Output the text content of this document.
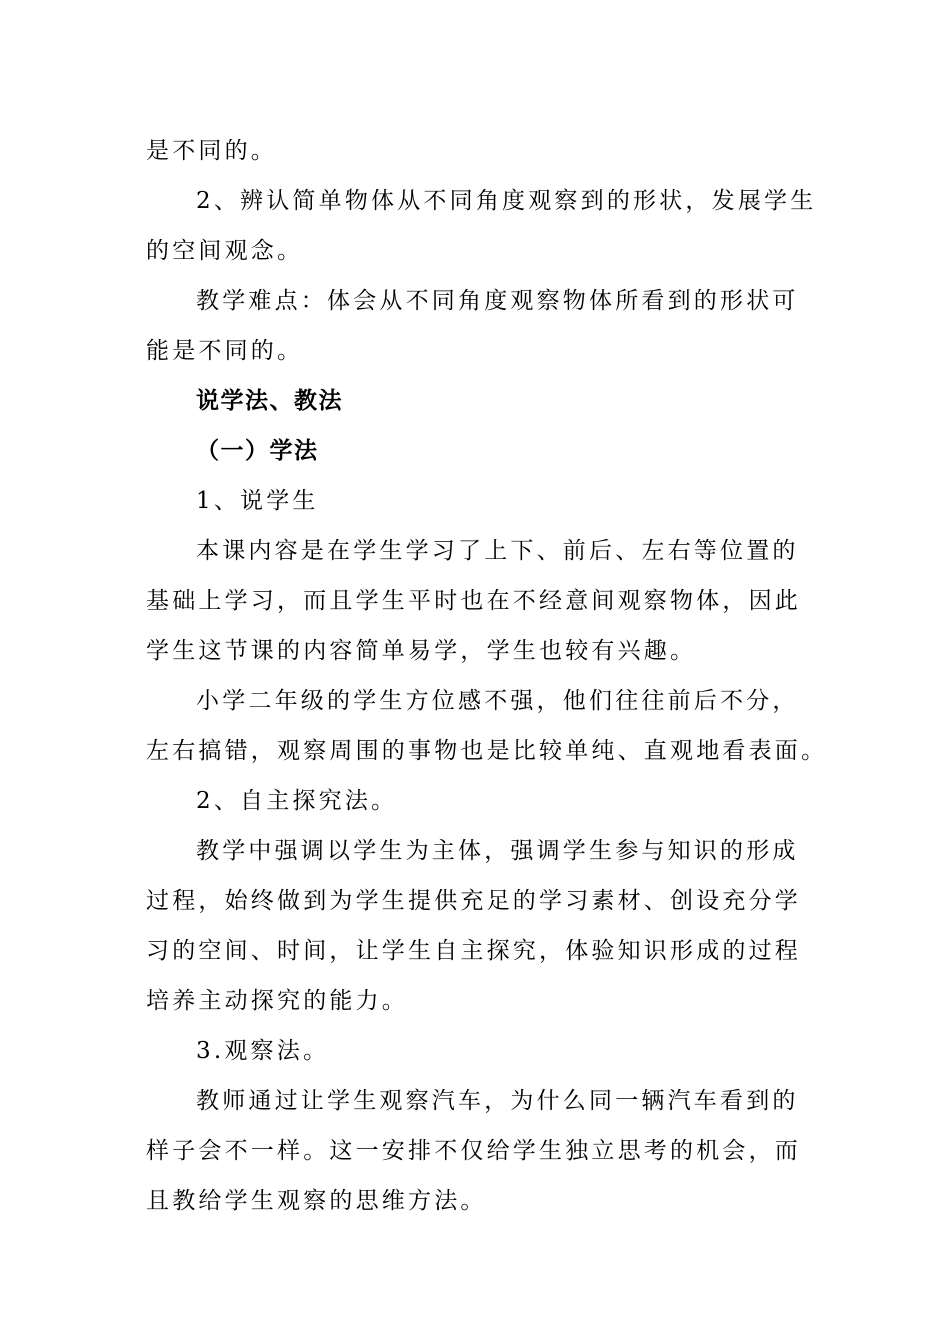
是不同的。
2、辨认简单物体从不同角度观察到的形状，发展学生
的空间观念。
教学难点：体会从不同角度观察物体所看到的形状可
能是不同的。
说学法、教法
（一）学法
1、说学生
本课内容是在学生学习了上下、前后、左右等位置的
基础上学习，而且学生平时也在不经意间观察物体，因此
学生这节课的内容简单易学，学生也较有兴趣。
小学二年级的学生方位感不强，他们往往前后不分，
左右搞错，观察周围的事物也是比较单纯、直观地看表面。
2、自主探究法。
教学中强调以学生为主体，强调学生参与知识的形成
过程，始终做到为学生提供充足的学习素材、创设充分学
习的空间、时间，让学生自主探究，体验知识形成的过程
培养主动探究的能力。
3.观察法。
教师通过让学生观察汽车，为什么同一辆汽车看到的
样子会不一样。这一安排不仅给学生独立思考的机会，而
且教给学生观察的思维方法。
